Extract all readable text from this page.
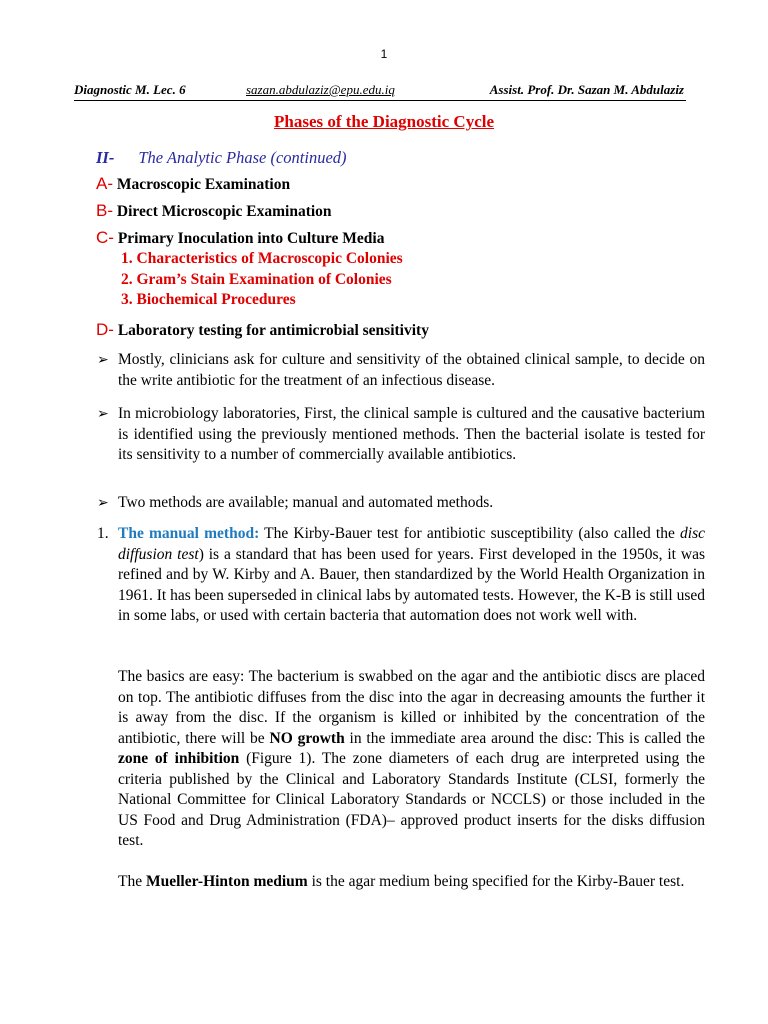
1
Diagnostic M. Lec. 6	sazan.abdulaziz@epu.edu.iq	Assist. Prof. Dr. Sazan M. Abdulaziz
Phases of the Diagnostic Cycle
II- The Analytic Phase (continued)
A- Macroscopic Examination
B- Direct Microscopic Examination
C- Primary Inoculation into Culture Media
1. Characteristics of Macroscopic Colonies
2. Gram’s Stain Examination of Colonies
3. Biochemical Procedures
D- Laboratory testing for antimicrobial sensitivity
➢ Mostly, clinicians ask for culture and sensitivity of the obtained clinical sample, to decide on the write antibiotic for the treatment of an infectious disease.
➢ In microbiology laboratories, First, the clinical sample is cultured and the causative bacterium is identified using the previously mentioned methods. Then the bacterial isolate is tested for its sensitivity to a number of commercially available antibiotics.
➢ Two methods are available; manual and automated methods.
1. The manual method: The Kirby-Bauer test for antibiotic susceptibility (also called the disc diffusion test) is a standard that has been used for years. First developed in the 1950s, it was refined and by W. Kirby and A. Bauer, then standardized by the World Health Organization in 1961. It has been superseded in clinical labs by automated tests. However, the K-B is still used in some labs, or used with certain bacteria that automation does not work well with.
The basics are easy: The bacterium is swabbed on the agar and the antibiotic discs are placed on top. The antibiotic diffuses from the disc into the agar in decreasing amounts the further it is away from the disc. If the organism is killed or inhibited by the concentration of the antibiotic, there will be NO growth in the immediate area around the disc: This is called the zone of inhibition (Figure 1). The zone diameters of each drug are interpreted using the criteria published by the Clinical and Laboratory Standards Institute (CLSI, formerly the National Committee for Clinical Laboratory Standards or NCCLS) or those included in the US Food and Drug Administration (FDA)– approved product inserts for the disks diffusion test.
The Mueller-Hinton medium is the agar medium being specified for the Kirby-Bauer test.
